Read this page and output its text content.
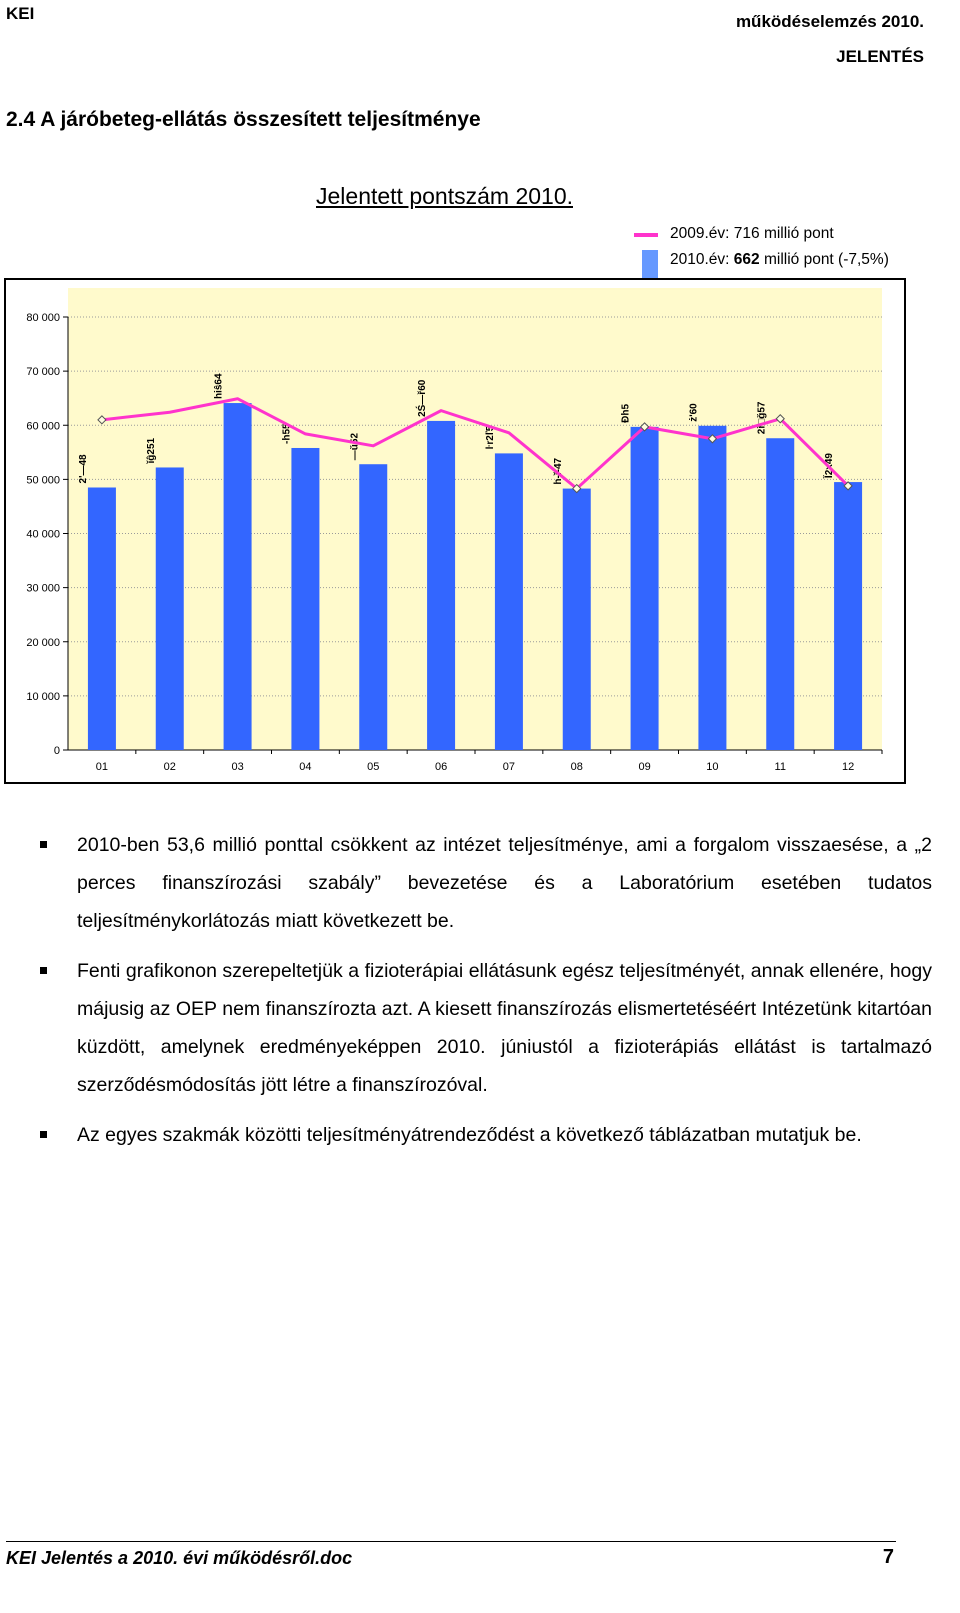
KEI	működéselemzés 2010.
JELENTÉS
2.4 A járóbeteg-ellátás összesített teljesítménye
Jelentett pontszám 2010.
2009.év: 716 millió pont
2010.év: 662 millió pont (-7,5%)
0
10 000
20 000
30 000
40 000
50 000
60 000
70 000
80 000
2'—48
01
ĭĝ251
02
hiŝ64
03
-h55
04
—ŭ52
05
2Ś—ř60
06
ŀr2ľ5
07
h-ĭ-47
08
Ðh5
09
ż'60
10
2ř□ğ57
11
Ĭ2x49
12
2010-ben 53,6 millió ponttal csökkent az intézet teljesítménye, ami a forgalom visszaesése, a „2 perces finanszírozási szabály” bevezetése és a Laboratórium esetében tudatos teljesítménykorlátozás miatt következett be.
Fenti grafikonon szerepeltetjük a fizioterápiai ellátásunk egész teljesítményét, annak ellenére, hogy májusig az OEP nem finanszírozta azt. A kiesett finanszírozás elismertetéséért Intézetünk kitartóan küzdött, amelynek eredményeképpen 2010. júniustól a fizioterápiás ellátást is tartalmazó szerződésmódosítás jött létre a finanszírozóval.
Az egyes szakmák közötti teljesítményátrendeződést a következő táblázatban mutatjuk be.
KEI Jelentés a 2010. évi működésről.doc	7
